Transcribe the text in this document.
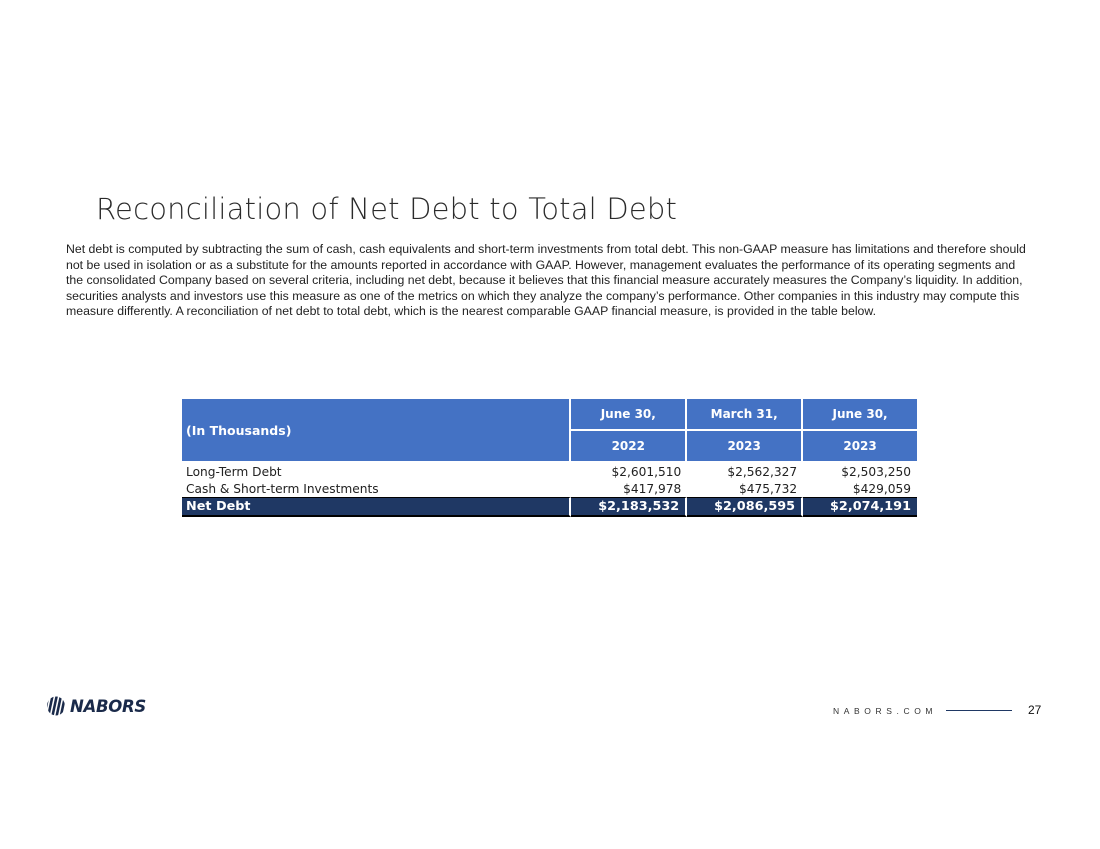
Reconciliation of Net Debt to Total Debt

Net debt is computed by subtracting the sum of cash, cash equivalents and short-term investments from total debt. This non-GAAP measure has limitations and therefore should not be used in isolation or as a substitute for the amounts reported in accordance with GAAP. However, management evaluates the performance of its operating segments and the consolidated Company based on several criteria, including net debt, because it believes that this financial measure accurately measures the Company’s liquidity. In addition, securities analysts and investors use this measure as one of the metrics on which they analyze the company’s performance. Other companies in this industry may compute this measure differently. A reconciliation of net debt to total debt, which is the nearest comparable GAAP financial measure, is provided in the table below.

(In Thousands)	June 30,	March 31,	June 30,
	2022	2023	2023
Long-Term Debt	$2,601,510	$2,562,327	$2,503,250
Cash & Short-term Investments	$417,978	$475,732	$429,059
Net Debt	$2,183,532	$2,086,595	$2,074,191
NABORS	NABORS.COM	27
